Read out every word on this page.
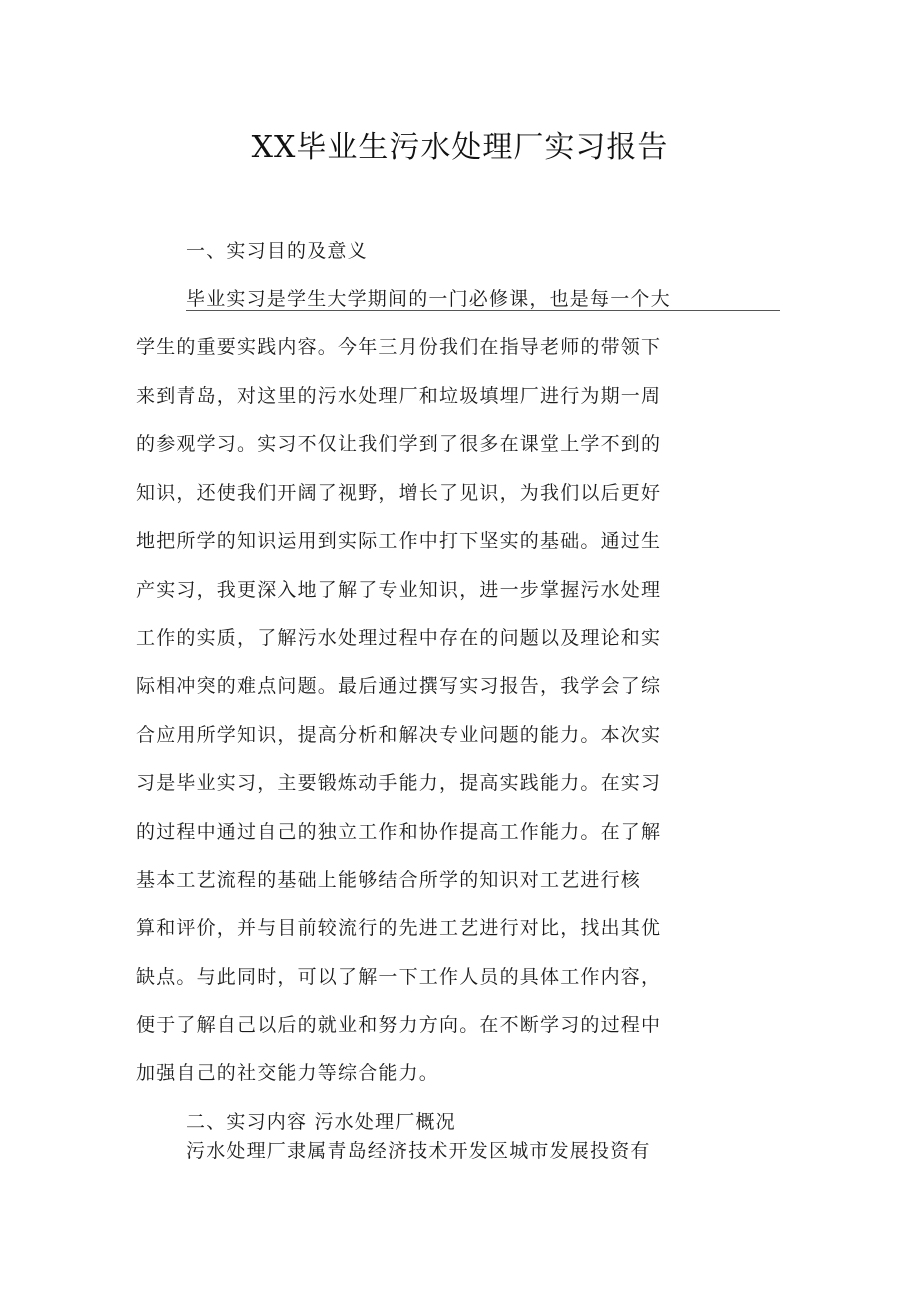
XX毕业生污水处理厂实习报告
一、实习目的及意义
毕业实习是学生大学期间的一门必修课，也是每一个大
学生的重要实践内容。今年三月份我们在指导老师的带领下
来到青岛，对这里的污水处理厂和垃圾填埋厂进行为期一周
的参观学习。实习不仅让我们学到了很多在课堂上学不到的
知识，还使我们开阔了视野，增长了见识，为我们以后更好
地把所学的知识运用到实际工作中打下坚实的基础。通过生
产实习，我更深入地了解了专业知识，进一步掌握污水处理
工作的实质，了解污水处理过程中存在的问题以及理论和实
际相冲突的难点问题。最后通过撰写实习报告，我学会了综
合应用所学知识，提高分析和解决专业问题的能力。本次实
习是毕业实习，主要锻炼动手能力，提高实践能力。在实习
的过程中通过自己的独立工作和协作提高工作能力。在了解
基本工艺流程的基础上能够结合所学的知识对工艺进行核
算和评价，并与目前较流行的先进工艺进行对比，找出其优
缺点。与此同时，可以了解一下工作人员的具体工作内容，
便于了解自己以后的就业和努力方向。在不断学习的过程中
加强自己的社交能力等综合能力。
二、实习内容 污水处理厂概况
污水处理厂隶属青岛经济技术开发区城市发展投资有
